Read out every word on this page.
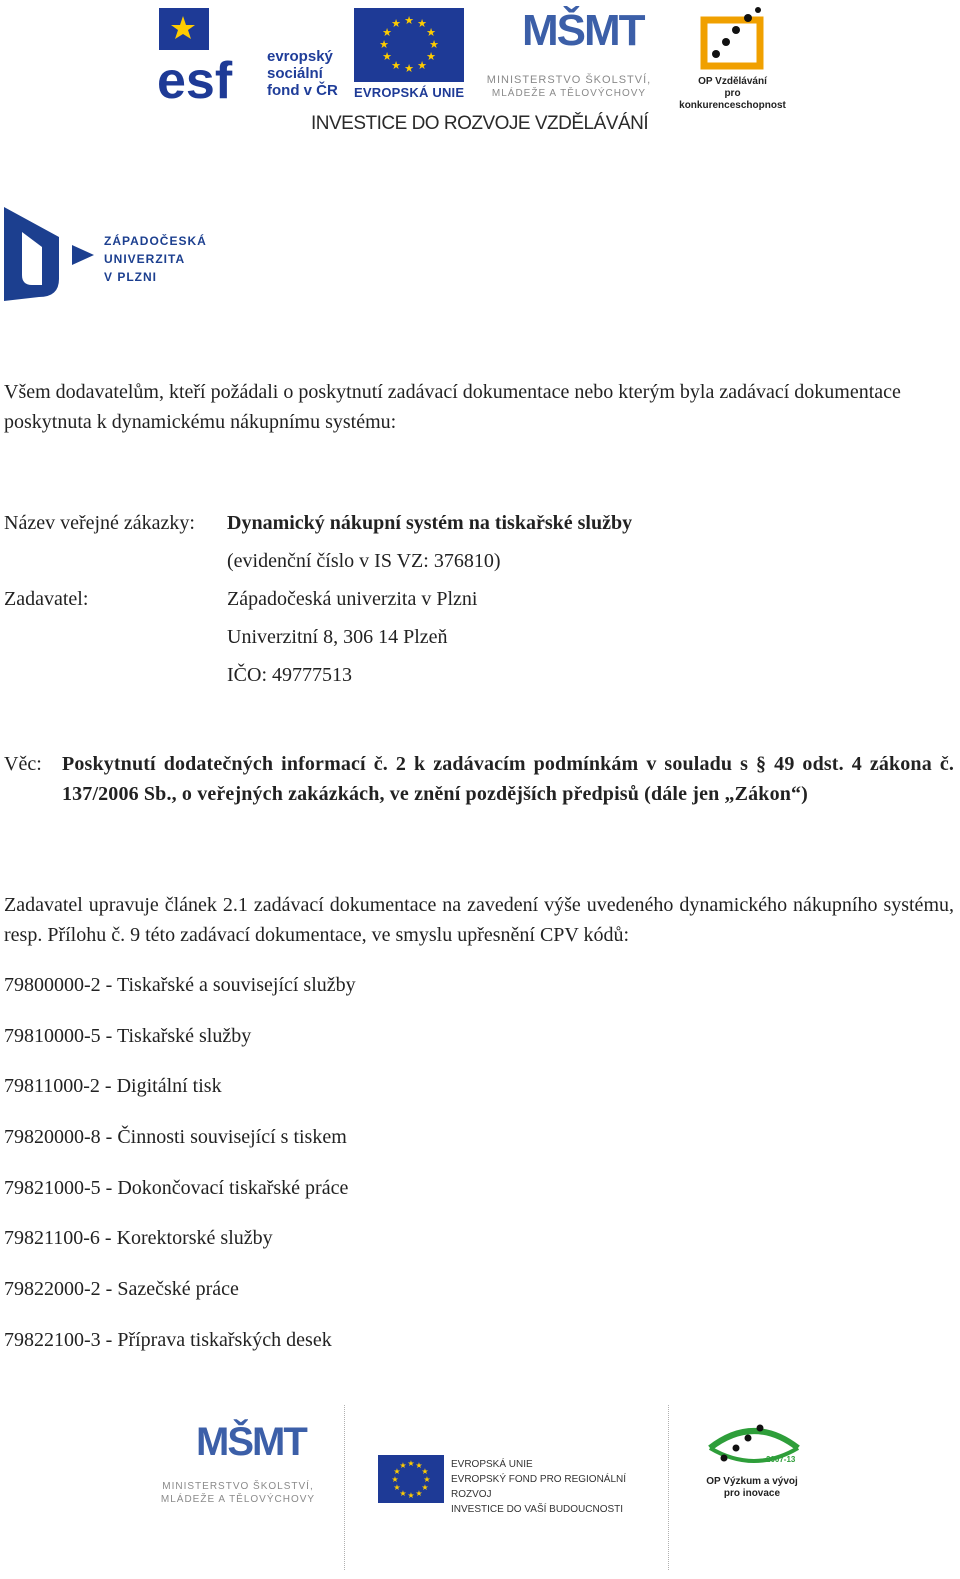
esf evropský
sociální
fond v ČR
★ ★
★
★
★
★
★
★
★
★
★
★
EVROPSKÁ UNIE
MŠMT
MINISTERSTVO ŠKOLSTVÍ,
MLÁDEŽE A TĚLOVÝCHOVY
OP Vzdělávání
pro konkurenceschopnost
INVESTICE DO ROZVOJE VZDĚLÁVÁNÍ
ZÁPADOČESKÁ
UNIVERZITA
V PLZNI
Všem dodavatelům, kteří požádali o poskytnutí zadávací dokumentace nebo kterým byla zadávací dokumentace poskytnuta k dynamickému nákupnímu systému:
Název veřejné zákazky: Dynamický nákupní systém na tiskařské služby
(evidenční číslo v IS VZ: 376810)
Zadavatel:	Západočeská univerzita v Plzni
Univerzitní 8, 306 14 Plzeň
IČO: 49777513
Věc: Poskytnutí dodatečných informací č. 2 k zadávacím podmínkám v souladu s § 49 odst. 4 zákona č. 137/2006 Sb., o veřejných zakázkách, ve znění pozdějších předpisů (dále jen „Zákon“)
Zadavatel upravuje článek 2.1 zadávací dokumentace na zavedení výše uvedeného dynamického nákupního systému, resp. Přílohu č. 9 této zadávací dokumentace, ve smyslu upřesnění CPV kódů:
79800000-2 - Tiskařské a související služby
79810000-5 - Tiskařské služby
79811000-2 - Digitální tisk
79820000-8 - Činnosti související s tiskem
79821000-5 - Dokončovací tiskařské práce
79821100-6 - Korektorské služby
79822000-2 - Sazečské práce
79822100-3 - Příprava tiskařských desek
MŠMT
MINISTERSTVO ŠKOLSTVÍ,
MLÁDEŽE A TĚLOVÝCHOVY
★ ★
★
★
★
★
★
★
★
★
★
★	EVROPSKÁ UNIE
EVROPSKÝ FOND PRO REGIONÁLNÍ ROZVOJ
INVESTICE DO VAŠÍ BUDOUCNOSTI
2007-13
OP Výzkum a vývoj
pro inovace
